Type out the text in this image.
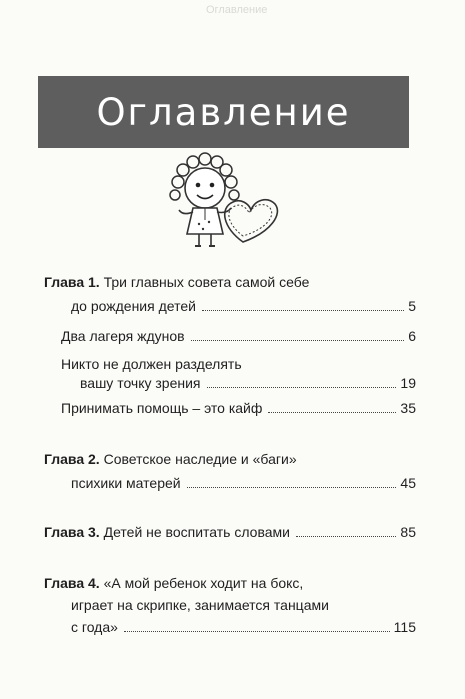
Оглавление
Оглавление
Глава 1. Три главных совета самой себе
до рождения детей	5
Два лагеря ждунов	6
Никто не должен разделять
вашу точку зрения	19
Принимать помощь – это кайф	35
Глава 2. Советское наследие и «баги»
психики матерей	45
Глава 3. Детей не воспитать словами	85
Глава 4. «А мой ребенок ходит на бокс,
играет на скрипке, занимается танцами
с года»	115
